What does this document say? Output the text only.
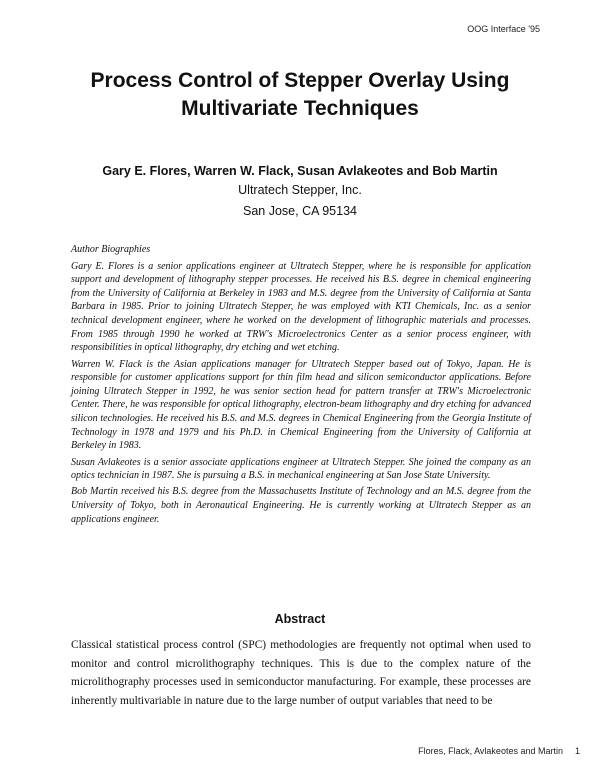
OOG Interface '95
Process Control of Stepper Overlay Using
Multivariate Techniques
Gary E. Flores, Warren W. Flack, Susan Avlakeotes and Bob Martin
Ultratech Stepper, Inc.
San Jose, CA 95134
Author Biographies

Gary E. Flores is a senior applications engineer at Ultratech Stepper, where he is responsible for application support and development of lithography stepper processes. He received his B.S. degree in chemical engineering from the University of California at Berkeley in 1983 and M.S. degree from the University of California at Santa Barbara in 1985. Prior to joining Ultratech Stepper, he was employed with KTI Chemicals, Inc. as a senior technical development engineer, where he worked on the development of lithographic materials and processes. From 1985 through 1990 he worked at TRW's Microelectronics Center as a senior process engineer, with responsibilities in optical lithography, dry etching and wet etching.

Warren W. Flack is the Asian applications manager for Ultratech Stepper based out of Tokyo, Japan. He is responsible for customer applications support for thin film head and silicon semiconductor applications. Before joining Ultratech Stepper in 1992, he was senior section head for pattern transfer at TRW's Microelectronic Center. There, he was responsible for optical lithography, electron-beam lithography and dry etching for advanced silicon technologies. He received his B.S. and M.S. degrees in Chemical Engineering from the Georgia Institute of Technology in 1978 and 1979 and his Ph.D. in Chemical Engineering from the University of California at Berkeley in 1983.

Susan Avlakeotes is a senior associate applications engineer at Ultratech Stepper. She joined the company as an optics technician in 1987. She is pursuing a B.S. in mechanical engineering at San Jose State University.

Bob Martin received his B.S. degree from the Massachusetts Institute of Technology and an M.S. degree from the University of Tokyo, both in Aeronautical Engineering. He is currently working at Ultratech Stepper as an applications engineer.

Abstract

Classical statistical process control (SPC) methodologies are frequently not optimal when used to monitor and control microlithography techniques. This is due to the complex nature of the microlithography processes used in semiconductor manufacturing. For example, these processes are inherently multivariable in nature due to the large number of output variables that need to be

Flores, Flack, Avlakeotes and Martin 1
